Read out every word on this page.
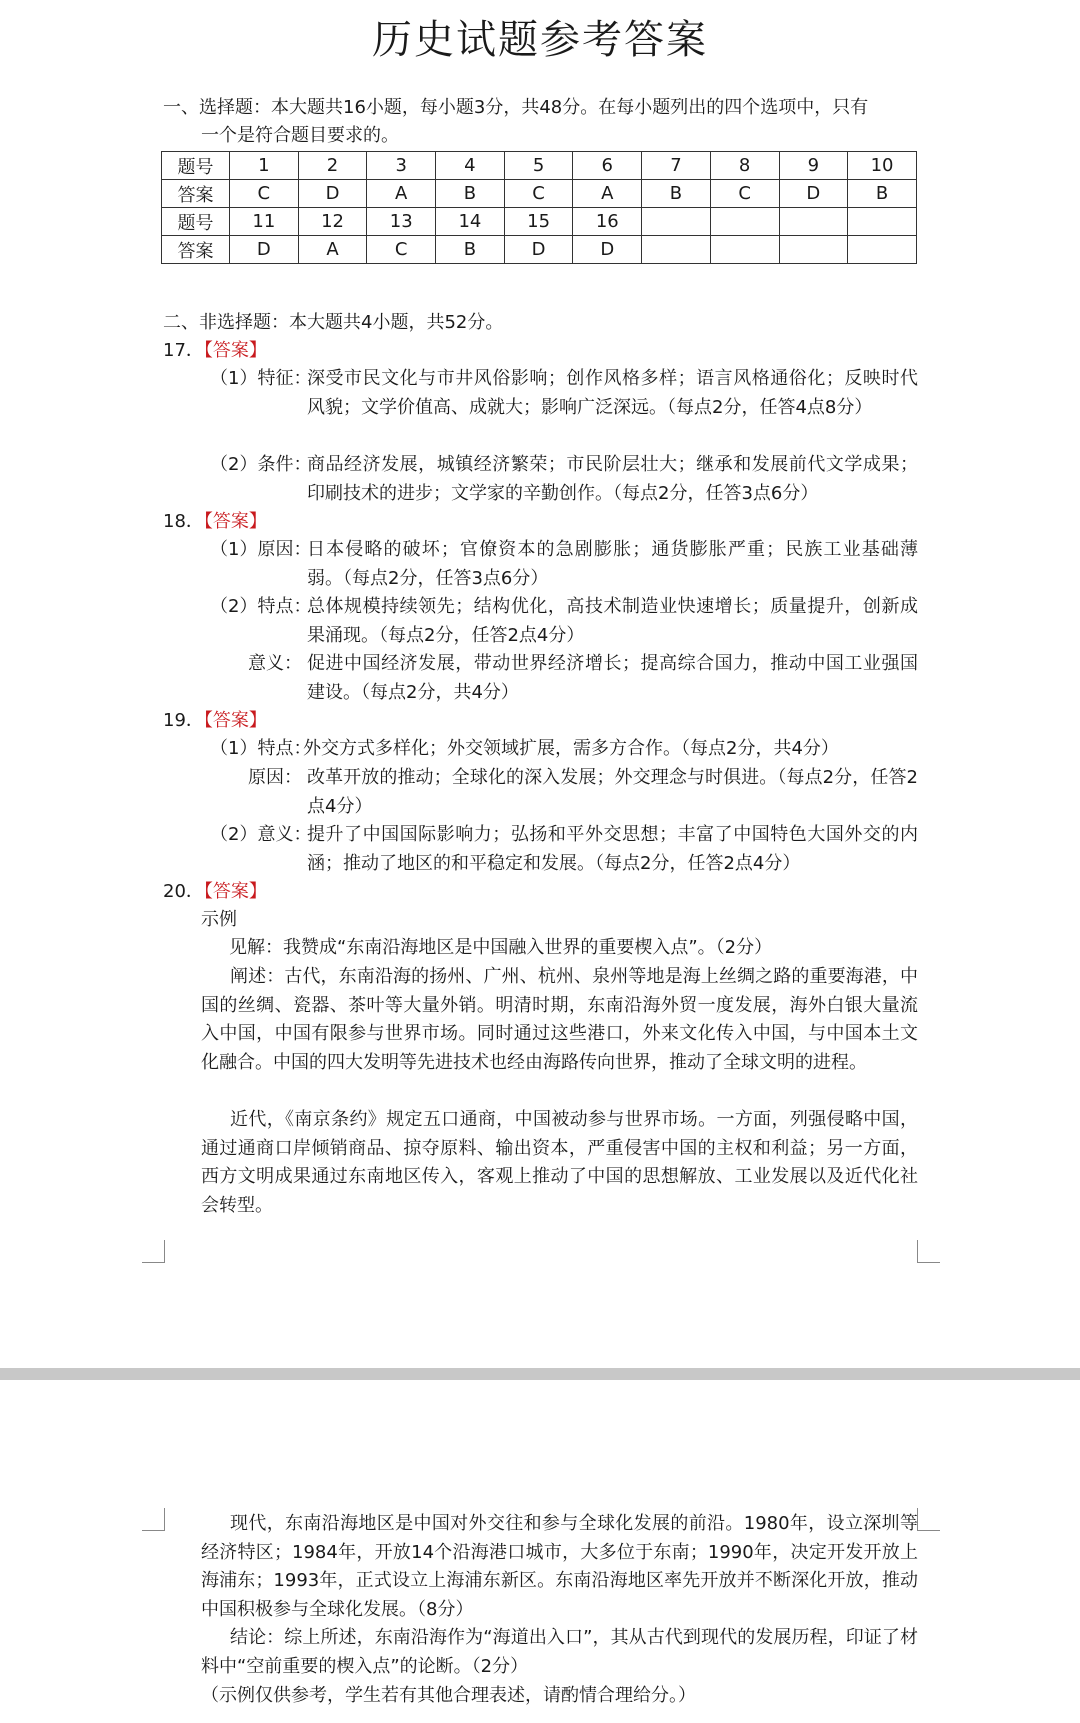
历史试题参考答案

一、选择题：本大题共16小题，每小题3分，共48分。在每小题列出的四个选项中，只有

一个是符合题目要求的。

题号	1	2	3	4	5	6	7	8	9	10
答案	C	D	A	B	C	A	B	C	D	B
题号	11	12	13	14	15	16				
答案	D	A	C	B	D	D				

二、非选择题：本大题共4小题，共52分。

17．【答案】

（1）特征：

深受市民文化与市井风俗影响；创作风格多样；语言风格通俗化；反映时代风貌；文学价值高、成就大；影响广泛深远。（每点2分，任答4点8分）

（2）条件：

商品经济发展，城镇经济繁荣；市民阶层壮大；继承和发展前代文学成果；印刷技术的进步；文学家的辛勤创作。（每点2分，任答3点6分）

18．【答案】

（1）原因：

日本侵略的破坏；官僚资本的急剧膨胀；通货膨胀严重；民族工业基础薄弱。（每点2分，任答3点6分）

（2）特点：

总体规模持续领先；结构优化，高技术制造业快速增长；质量提升，创新成果涌现。（每点2分，任答2点4分）

意义： 促进中国经济发展，带动世界经济增长；提高综合国力，推动中国工业强国建设。（每点2分，共4分）

19．【答案】

（1）特点：

外交方式多样化；外交领域扩展，需多方合作。（每点2分，共4分）

原因： 改革开放的推动；全球化的深入发展；外交理念与时俱进。（每点2分，任答2点4分）

（2）意义：

提升了中国国际影响力；弘扬和平外交思想；丰富了中国特色大国外交的内涵；推动了地区的和平稳定和发展。（每点2分，任答2点4分）

20．【答案】

示例

见解：我赞成“东南沿海地区是中国融入世界的重要楔入点”。（2分）

阐述：古代，东南沿海的扬州、广州、杭州、泉州等地是海上丝绸之路的重要海港，中国的丝绸、瓷器、茶叶等大量外销。明清时期，东南沿海外贸一度发展，海外白银大量流入中国，中国有限参与世界市场。同时通过这些港口，外来文化传入中国，与中国本土文化融合。中国的四大发明等先进技术也经由海路传向世界，推动了全球文明的进程。

近代，《南京条约》规定五口通商，中国被动参与世界市场。一方面，列强侵略中国，通过通商口岸倾销商品、掠夺原料、输出资本，严重侵害中国的主权和利益；另一方面，西方文明成果通过东南地区传入，客观上推动了中国的思想解放、工业发展以及近代化社会转型。

现代，东南沿海地区是中国对外交往和参与全球化发展的前沿。1980年，设立深圳等经济特区；1984年，开放14个沿海港口城市，大多位于东南；1990年，决定开发开放上海浦东；1993年，正式设立上海浦东新区。东南沿海地区率先开放并不断深化开放，推动中国积极参与全球化发展。（8分）

结论：综上所述，东南沿海作为“海道出入口”，其从古代到现代的发展历程，印证了材料中“空前重要的楔入点”的论断。（2分）

（示例仅供参考，学生若有其他合理表述，请酌情合理给分。）
